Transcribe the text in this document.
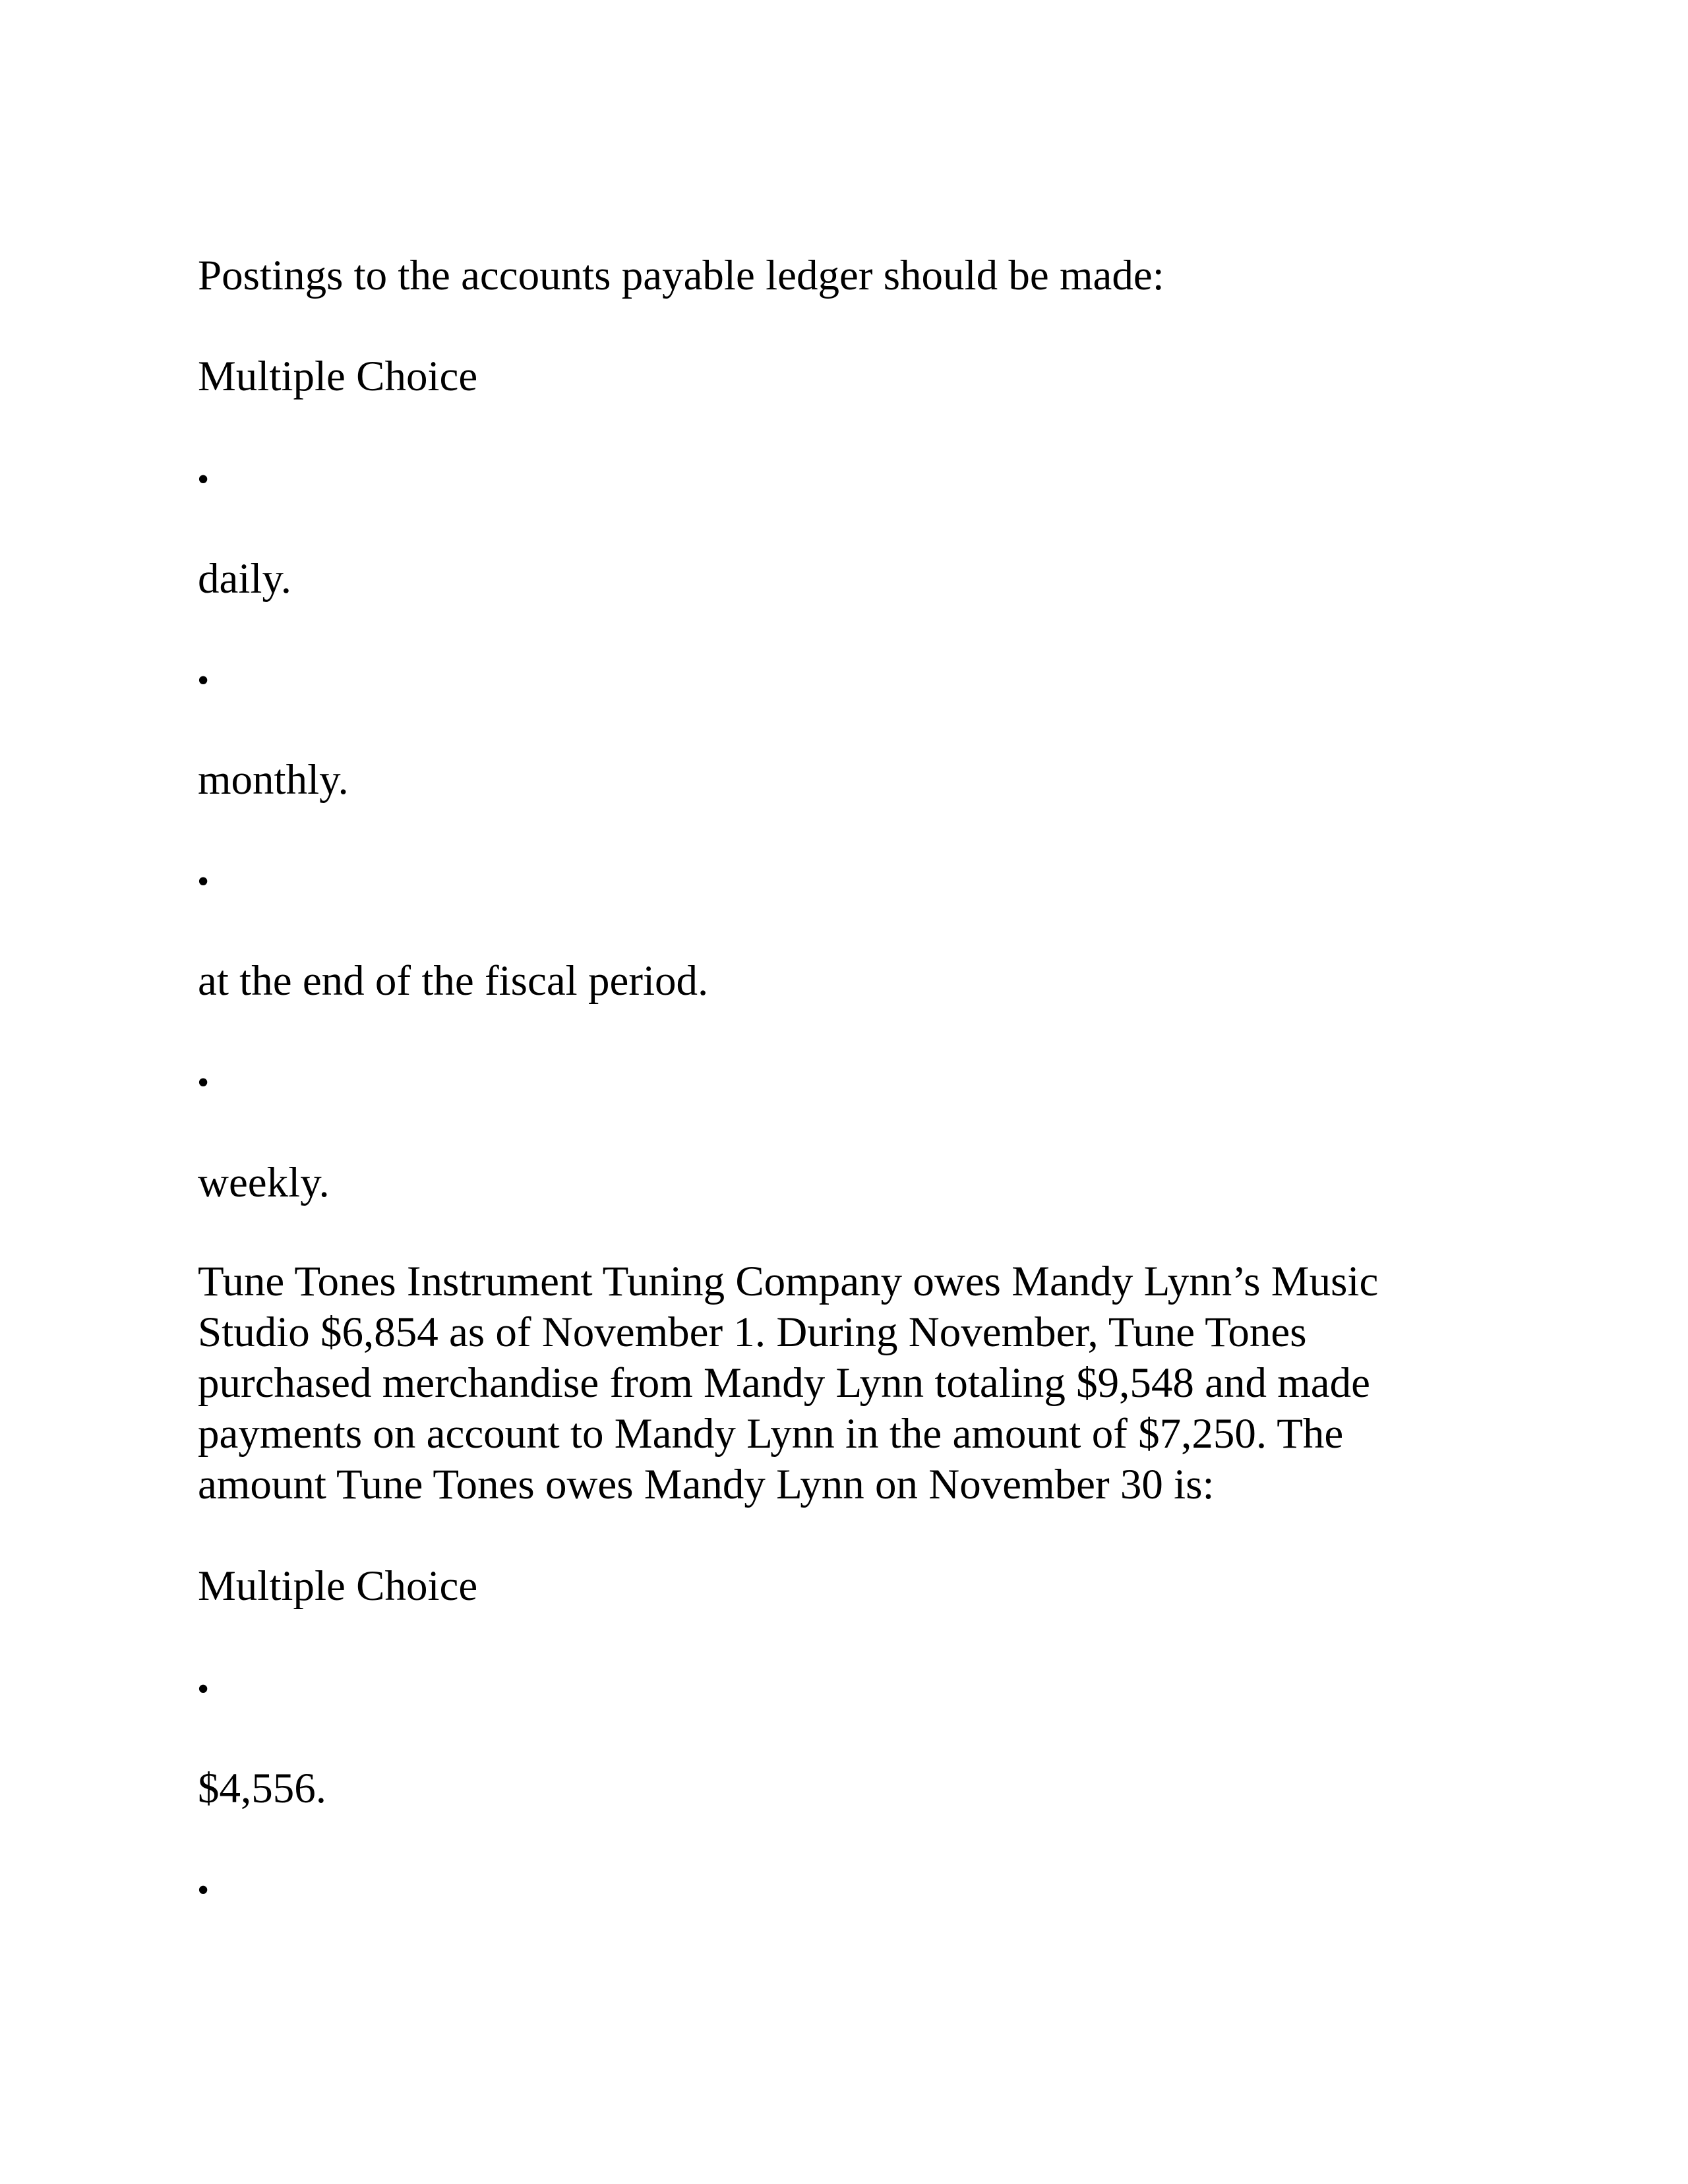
Postings to the accounts payable ledger should be made:

Multiple Choice

•

daily.

•

monthly.

•

at the end of the fiscal period.

•

weekly.

Tune Tones Instrument Tuning Company owes Mandy Lynn’s Music
Studio $6,854 as of November 1. During November, Tune Tones
purchased merchandise from Mandy Lynn totaling $9,548 and made
payments on account to Mandy Lynn in the amount of $7,250. The
amount Tune Tones owes Mandy Lynn on November 30 is:

Multiple Choice

•

$4,556.

•
